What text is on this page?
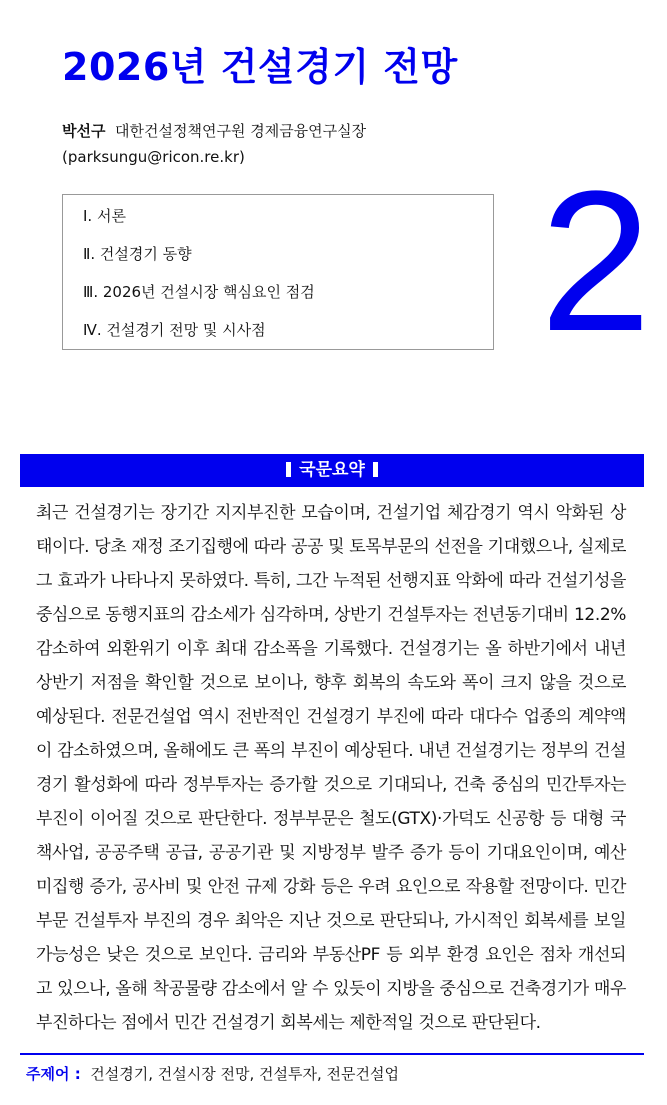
2026년 건설경기 전망
박선구 대한건설정책연구원 경제금융연구실장
(parksungu@ricon.re.kr)
Ⅰ. 서론
Ⅱ. 건설경기 동향
Ⅲ. 2026년 건설시장 핵심요인 점검
Ⅳ. 건설경기 전망 및 시사점	2
국문요약
최근 건설경기는 장기간 지지부진한 모습이며, 건설기업 체감경기 역시 악화된 상태이다. 당초 재정 조기집행에 따라 공공 및 토목부문의 선전을 기대했으나, 실제로 그 효과가 나타나지 못하였다. 특히, 그간 누적된 선행지표 악화에 따라 건설기성을 중심으로 동행지표의 감소세가 심각하며, 상반기 건설투자는 전년동기대비 12.2% 감소하여 외환위기 이후 최대 감소폭을 기록했다. 건설경기는 올 하반기에서 내년 상반기 저점을 확인할 것으로 보이나, 향후 회복의 속도와 폭이 크지 않을 것으로 예상된다. 전문건설업 역시 전반적인 건설경기 부진에 따라 대다수 업종의 계약액이 감소하였으며, 올해에도 큰 폭의 부진이 예상된다. 내년 건설경기는 정부의 건설경기 활성화에 따라 정부투자는 증가할 것으로 기대되나, 건축 중심의 민간투자는 부진이 이어질 것으로 판단한다. 정부부문은 철도(GTX)·가덕도 신공항 등 대형 국책사업, 공공주택 공급, 공공기관 및 지방정부 발주 증가 등이 기대요인이며, 예산 미집행 증가, 공사비 및 안전 규제 강화 등은 우려 요인으로 작용할 전망이다. 민간부문 건설투자 부진의 경우 최악은 지난 것으로 판단되나, 가시적인 회복세를 보일 가능성은 낮은 것으로 보인다. 금리와 부동산PF 등 외부 환경 요인은 점차 개선되고 있으나, 올해 착공물량 감소에서 알 수 있듯이 지방을 중심으로 건축경기가 매우 부진하다는 점에서 민간 건설경기 회복세는 제한적일 것으로 판단된다.
주제어 : 건설경기, 건설시장 전망, 건설투자, 전문건설업
